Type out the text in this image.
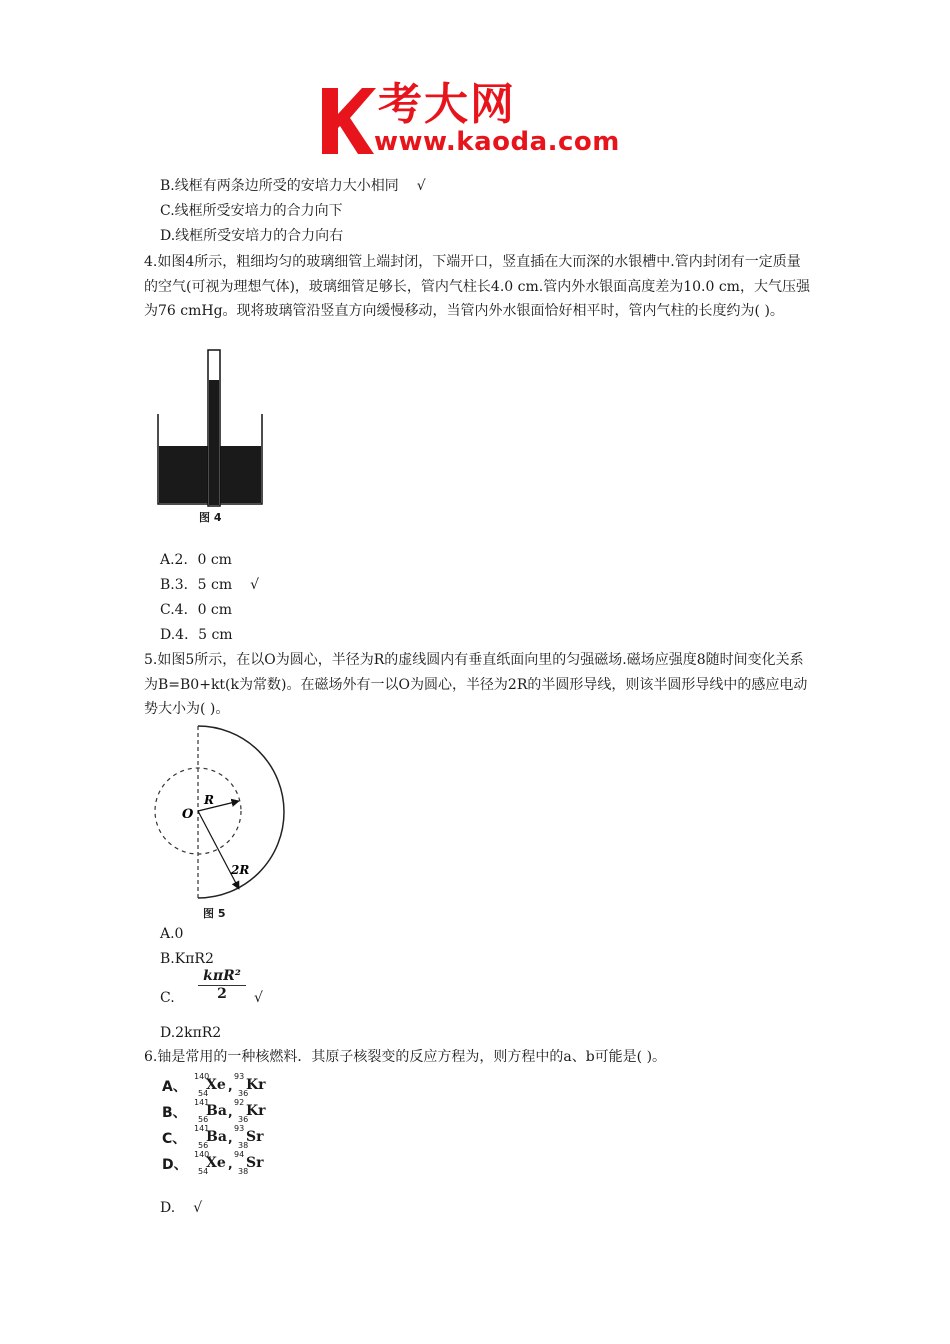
考大网
www.kaoda.com
B.线框有两条边所受的安培力大小相同 √
C.线框所受安培力的合力向下
D.线框所受安培力的合力向右
4.如图4所示，粗细均匀的玻璃细管上端封闭，下端开口，竖直插在大而深的水银槽中.管内封闭有一定质量的空气(可视为理想气体)，玻璃细管足够长，管内气柱长4.0 cm.管内外水银面高度差为10.0 cm，大气压强为76 cmHg。现将玻璃管沿竖直方向缓慢移动，当管内外水银面恰好相平时，管内气柱的长度约为( )。
图 4
A.2．0 cm
B.3．5 cm √
C.4．0 cm
D.4．5 cm
5.如图5所示，在以O为圆心，半径为R的虚线圆内有垂直纸面向里的匀强磁场.磁场应强度8随时间变化关系为B=B0+kt(k为常数)。在磁场外有一以O为圆心，半径为2R的半圆形导线，则该半圆形导线中的感应电动势大小为( )。
O
R
2R
图 5
A.0
B.KπR2
C.
kπR²
2	√
D.2kπR2
6.铀是常用的一种核燃料．其原子核裂变的反应方程为，则方程中的a、b可能是( )。
A、
140
54
Xe ,
93
36
Kr
B、
141
56
Ba ,
92
36
Kr
C、
141
56
Ba ,
93
38
Sr
D、
140
54
Xe ,
94
38
Sr
D. √
